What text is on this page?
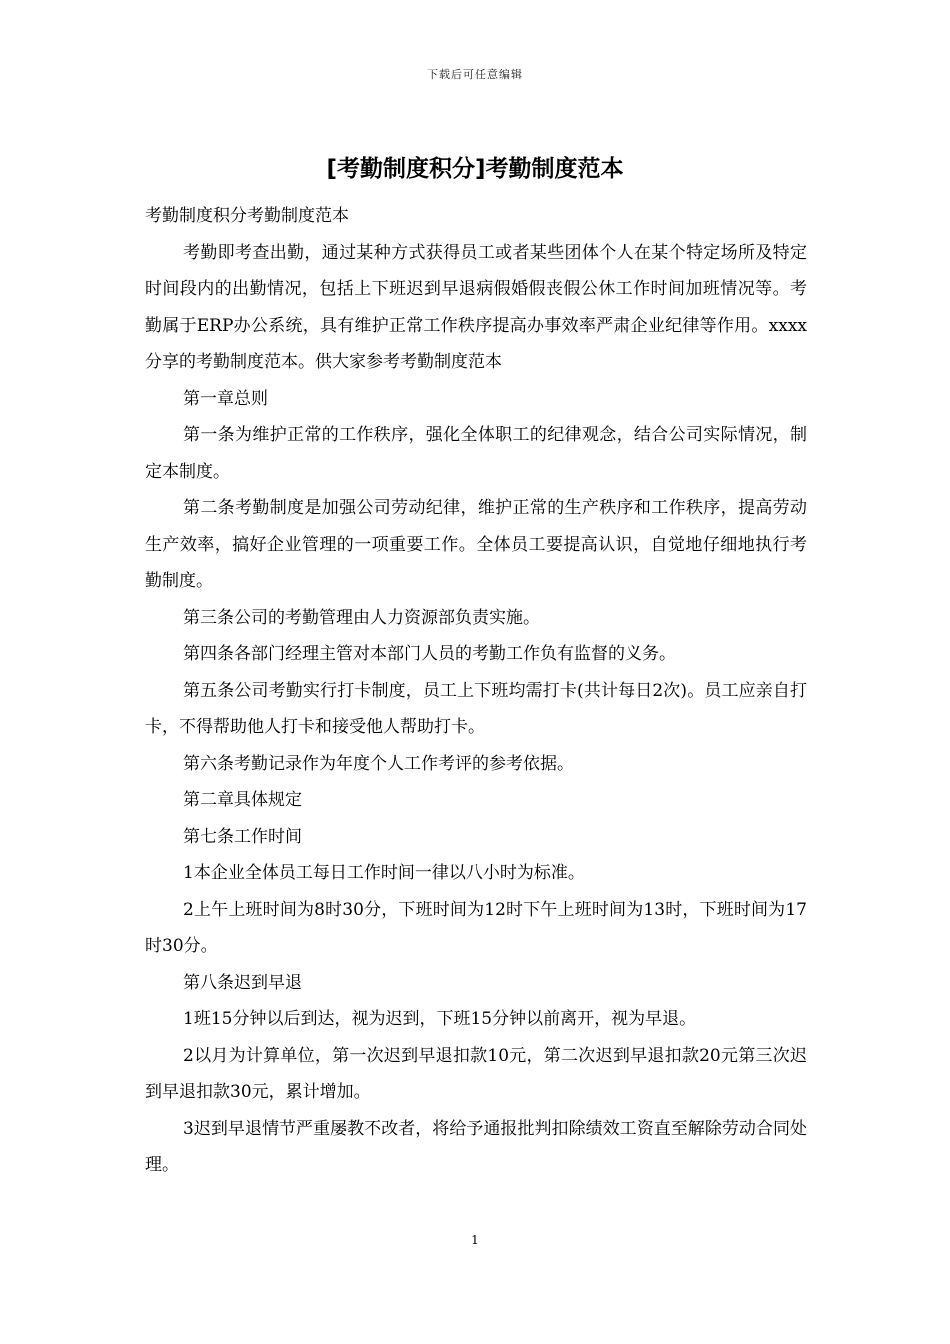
下载后可任意编辑
[考勤制度积分]考勤制度范本

考勤制度积分考勤制度范本

考勤即考查出勤，通过某种方式获得员工或者某些团体个人在某个特定场所及特定时间段内的出勤情况，包括上下班迟到早退病假婚假丧假公休工作时间加班情况等。考勤属于ERP办公系统，具有维护正常工作秩序提高办事效率严肃企业纪律等作用。xxxx分享的考勤制度范本。供大家参考考勤制度范本

第一章总则

第一条为维护正常的工作秩序，强化全体职工的纪律观念，结合公司实际情况，制定本制度。

第二条考勤制度是加强公司劳动纪律，维护正常的生产秩序和工作秩序，提高劳动生产效率，搞好企业管理的一项重要工作。全体员工要提高认识，自觉地仔细地执行考勤制度。

第三条公司的考勤管理由人力资源部负责实施。

第四条各部门经理主管对本部门人员的考勤工作负有监督的义务。

第五条公司考勤实行打卡制度，员工上下班均需打卡(共计每日2次)。员工应亲自打卡，不得帮助他人打卡和接受他人帮助打卡。

第六条考勤记录作为年度个人工作考评的参考依据。

第二章具体规定

第七条工作时间

1本企业全体员工每日工作时间一律以八小时为标准。

2上午上班时间为8时30分，下班时间为12时下午上班时间为13时，下班时间为17时30分。

第八条迟到早退

1班15分钟以后到达，视为迟到，下班15分钟以前离开，视为早退。

2以月为计算单位，第一次迟到早退扣款10元，第二次迟到早退扣款20元第三次迟到早退扣款30元，累计增加。

3迟到早退情节严重屡教不改者，将给予通报批判扣除绩效工资直至解除劳动合同处理。

1
